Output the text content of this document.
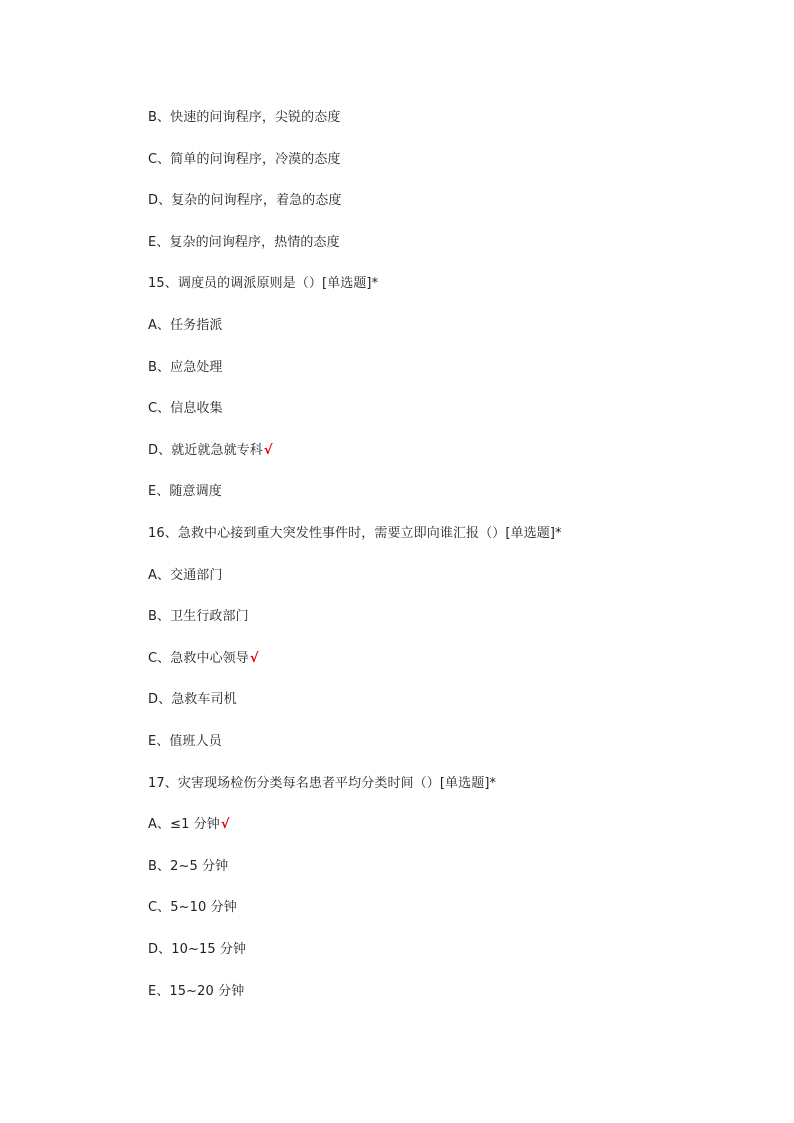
B、快速的问询程序，尖锐的态度
C、简单的问询程序，冷漠的态度
D、复杂的问询程序，着急的态度
E、复杂的问询程序，热情的态度
15、调度员的调派原则是（）[单选题]*
A、任务指派
B、应急处理
C、信息收集
D、就近就急就专科√
E、随意调度
16、急救中心接到重大突发性事件时，需要立即向谁汇报（）[单选题]*
A、交通部门
B、卫生行政部门
C、急救中心领导√
D、急救车司机
E、值班人员
17、灾害现场检伤分类每名患者平均分类时间（）[单选题]*
A、≤1 分钟√
B、2~5 分钟
C、5~10 分钟
D、10~15 分钟
E、15~20 分钟
